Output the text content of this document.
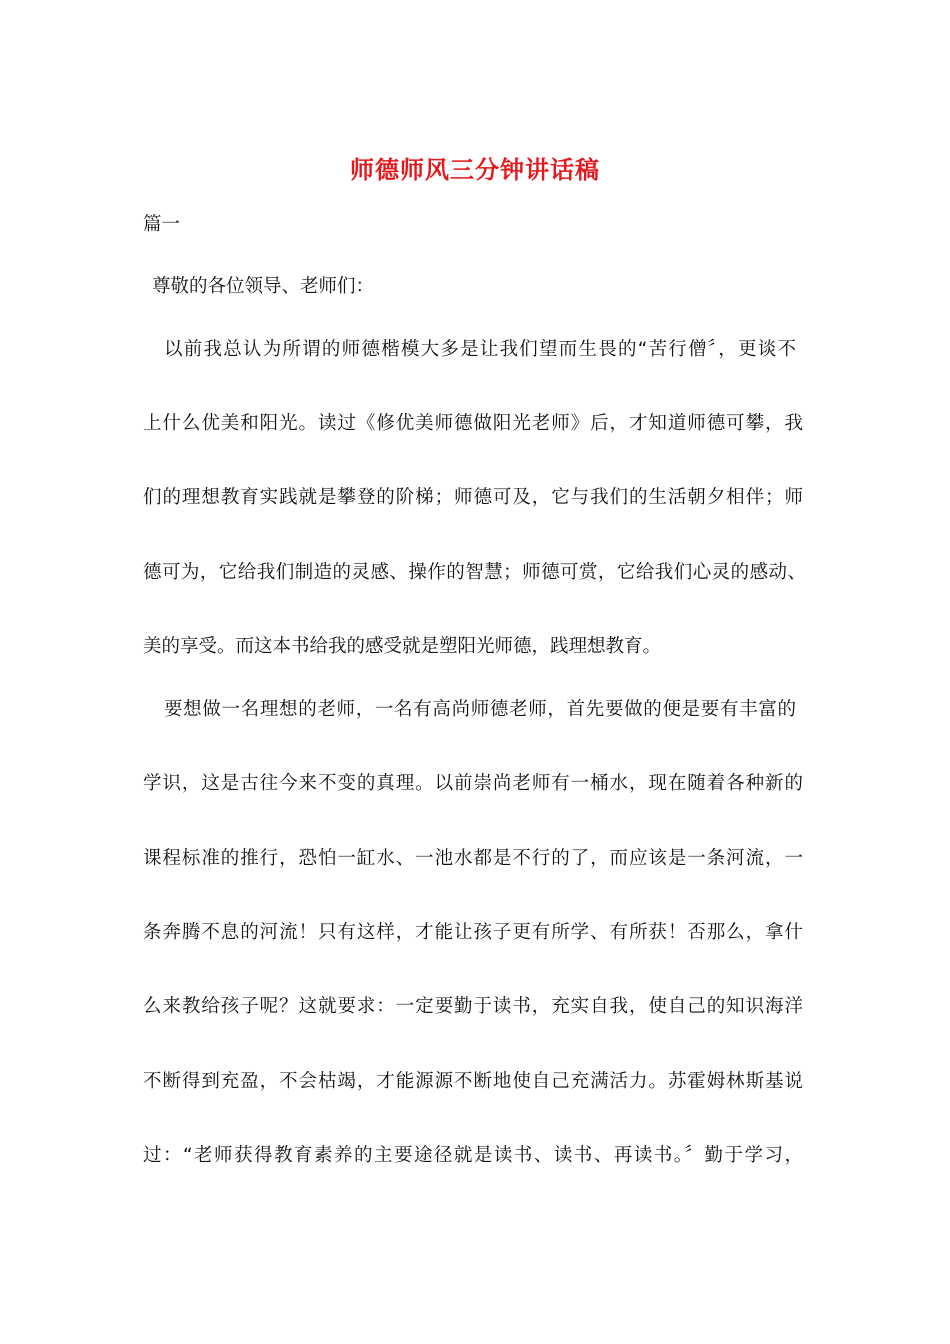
师德师风三分钟讲话稿
篇一
尊敬的各位领导、老师们：
以前我总认为所谓的师德楷模大多是让我们望而生畏的“苦行僧〞，更谈不
上什么优美和阳光。读过《修优美师德做阳光老师》后，才知道师德可攀，我
们的理想教育实践就是攀登的阶梯；师德可及，它与我们的生活朝夕相伴；师
德可为，它给我们制造的灵感、操作的智慧；师德可赏，它给我们心灵的感动、
美的享受。而这本书给我的感受就是塑阳光师德，践理想教育。
要想做一名理想的老师，一名有高尚师德老师，首先要做的便是要有丰富的
学识，这是古往今来不变的真理。以前崇尚老师有一桶水，现在随着各种新的
课程标准的推行，恐怕一缸水、一池水都是不行的了，而应该是一条河流，一
条奔腾不息的河流！只有这样，才能让孩子更有所学、有所获！否那么，拿什
么来教给孩子呢？这就要求：一定要勤于读书，充实自我，使自己的知识海洋
不断得到充盈，不会枯竭，才能源源不断地使自己充满活力。苏霍姆林斯基说
过：“老师获得教育素养的主要途径就是读书、读书、再读书。〞勤于学习，
